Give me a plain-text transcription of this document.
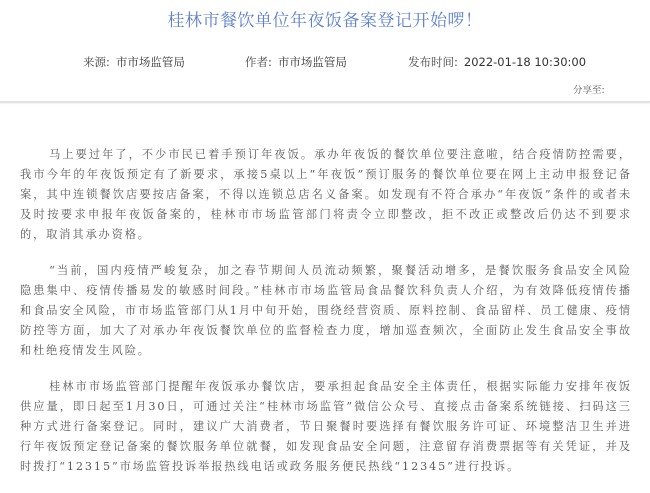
桂林市餐饮单位年夜饭备案登记开始啰！
来源: 市市场监管局	作者: 市市场监管局	发布时间: 2022-01-18 10:30:00
分享至:

马上要过年了，不少市民已着手预订年夜饭。承办年夜饭的餐饮单位要注意啦，结合疫情防控需要，我市今年的年夜饭预定有了新要求，承接5桌以上“年夜饭”预订服务的餐饮单位要在网上主动申报登记备案，其中连锁餐饮店要按店备案，不得以连锁总店名义备案。如发现有不符合承办“年夜饭”条件的或者未及时按要求申报年夜饭备案的，桂林市市场监管部门将责令立即整改，拒不改正或整改后仍达不到要求的，取消其承办资格。

“当前，国内疫情严峻复杂，加之春节期间人员流动频繁，聚餐活动增多，是餐饮服务食品安全风险隐患集中、疫情传播易发的敏感时间段。”桂林市市场监管局食品餐饮科负责人介绍，为有效降低疫情传播和食品安全风险，市市场监管部门从1月中旬开始，围绕经营资质、原料控制、食品留样、员工健康、疫情防控等方面，加大了对承办年夜饭餐饮单位的监督检查力度，增加巡查频次，全面防止发生食品安全事故和杜绝疫情发生风险。

桂林市市场监管部门提醒年夜饭承办餐饮店，要承担起食品安全主体责任，根据实际能力安排年夜饭供应量，即日起至1月30日，可通过关注“桂林市场监管”微信公众号、直接点击备案系统链接、扫码这三种方式进行备案登记。同时，建议广大消费者，节日聚餐时要选择有餐饮服务许可证、环境整洁卫生并进行年夜饭预定登记备案的餐饮服务单位就餐，如发现食品安全问题，注意留存消费票据等有关凭证，并及时拨打“12315”市场监管投诉举报热线电话或政务服务便民热线“12345”进行投诉。
